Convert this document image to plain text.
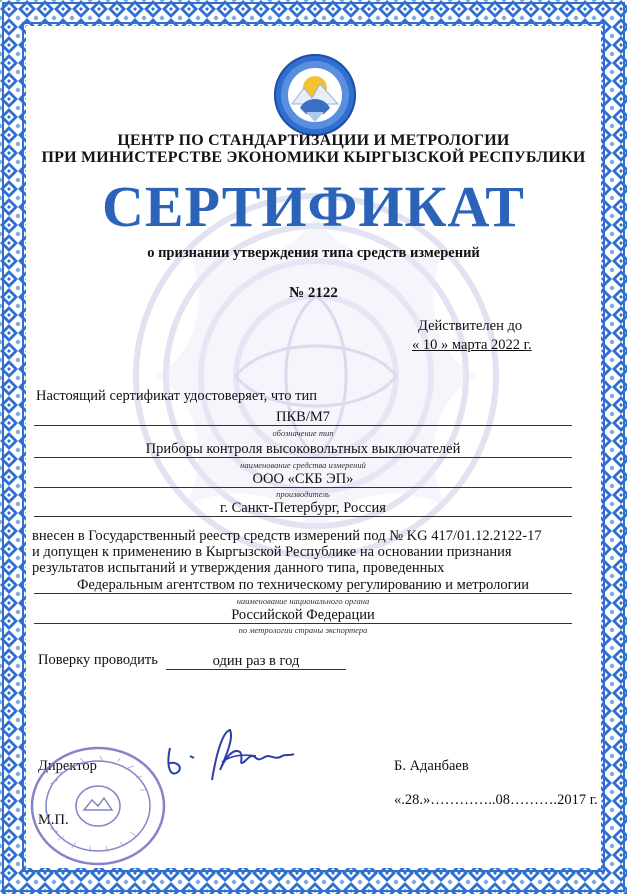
ЦЕНТР ПО СТАНДАРТИЗАЦИИ И МЕТРОЛОГИИ
ПРИ МИНИСТЕРСТВЕ ЭКОНОМИКИ КЫРГЫЗСКОЙ РЕСПУБЛИКИ
СЕРТИФИКАТ
о признании утверждения типа средств измерений
№ 2122
Действителен до
« 10 » марта 2022 г.
Настоящий сертификат удостоверяет, что тип
ПКВ/М7
обозначение тип
Приборы контроля высоковольтных выключателей
наименование средства измерений
ООО «СКБ ЭП»
производитель
г. Санкт-Петербург, Россия
внесен в Государственный реестр средств измерений под № KG 417/01.12.2122-17
и допущен к применению в Кыргызской Республике на основании признания
результатов испытаний и утверждения данного типа, проведенных
Федеральным агентством по техническому регулированию и метрологии
наименование национального органа
Российской Федерации
по метрологии страны экспортера
Поверку проводить	один раз в год
Директор	Б. Аданбаев
«.28.»…………..08……….2017 г.
М.П.
